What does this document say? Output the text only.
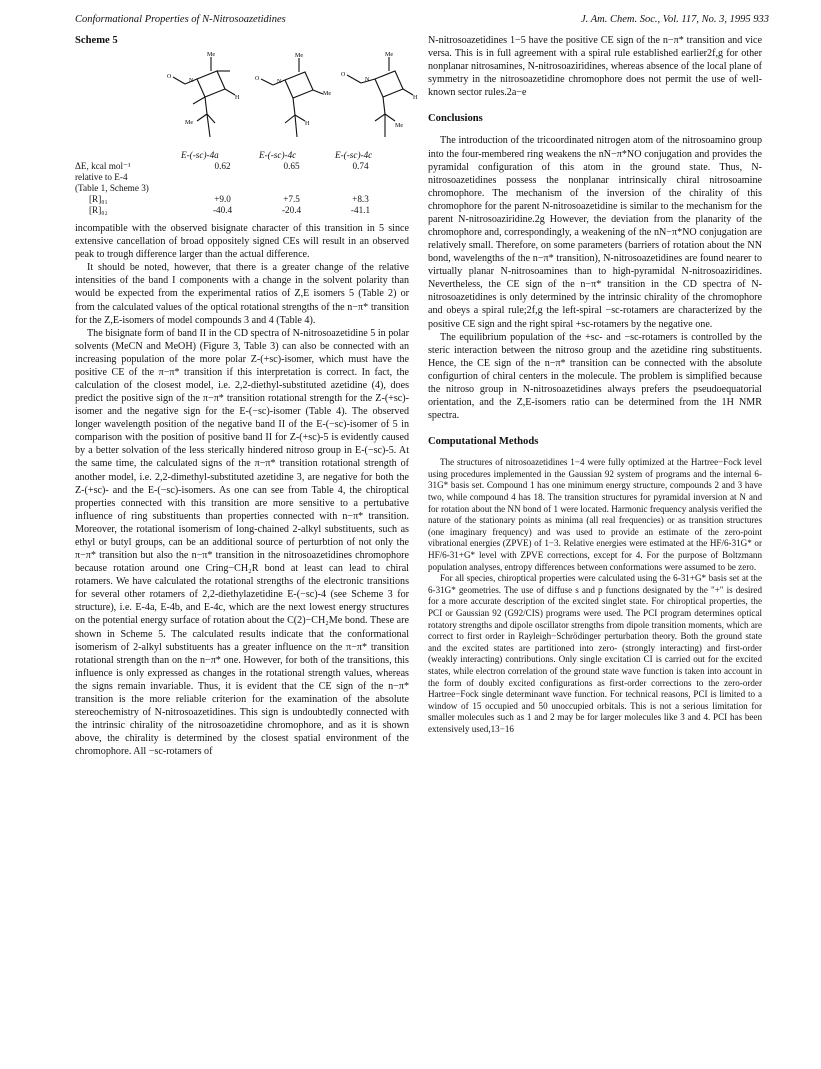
Conformational Properties of N-Nitrosoazetidines	J. Am. Chem. Soc., Vol. 117, No. 3, 1995 933
Scheme 5
Me
O
N
H
Me
Me
O	N
Me
H
Me
O
N
H
Me
E-(-sc)-4a	E-(-sc)-4c	E-(-sc)-4c
ΔE, kcal mol⁻¹	0.62	0.65	0.74
relative to E-4			
(Table 1, Scheme 3)			
[R]₀₁	+9.0	+7.5	+8.3
[R]₀₂	-40.4	-20.4	-41.1

incompatible with the observed bisignate character of this transition in 5 since extensive cancellation of broad oppositely signed CEs will result in an observed peak to trough difference larger than the actual difference.

It should be noted, however, that there is a greater change of the relative intensities of the band I components with a change in the solvent polarity than would be expected from the experimental ratios of Z,E isomers 5 (Table 2) or from the calculated values of the optical rotational strengths of the n−π* transition for the Z,E-isomers of model compounds 3 and 4 (Table 4).

The bisignate form of band II in the CD spectra of N-nitrosoazetidine 5 in polar solvents (MeCN and MeOH) (Figure 3, Table 3) can also be connected with an increasing population of the more polar Z-(+sc)-isomer, which must have the positive CE of the π−π* transition if this interpretation is correct. In fact, the calculation of the closest model, i.e. 2,2-diethyl-substituted azetidine (4), does predict the positive sign of the π−π* transition rotational strength for the Z-(+sc)-isomer and the negative sign for the E-(−sc)-isomer (Table 4). The observed longer wavelength position of the negative band II of the E-(−sc)-isomer of 5 in comparison with the position of positive band II for Z-(+sc)-5 is evidently caused by a better solvation of the less sterically hindered nitroso group in E-(−sc)-5. At the same time, the calculated signs of the π−π* transition rotational strength of another model, i.e. 2,2-dimethyl-substituted azetidine 3, are negative for both the Z-(+sc)- and the E-(−sc)-isomers. As one can see from Table 4, the chiroptical properties connected with this transition are more sensitive to a pertubative influence of ring substituents than properties connected with n−π* transition. Moreover, the rotational isomerism of long-chained 2-alkyl substituents, such as ethyl or butyl groups, can be an additional source of perturbtion of not only the π−π* transition but also the n−π* transition in the nitrosoazetidines chromophore because rotation around one Cring−CH₂R bond at least can lead to chiral rotamers. We have calculated the rotational strengths of the electronic transitions for several other rotamers of 2,2-diethylazetidine E-(−sc)-4 (see Scheme 3 for structure), i.e. E-4a, E-4b, and E-4c, which are the next lowest energy structures on the potential energy surface of rotation about the C(2)−CH₂Me bond. These are shown in Scheme 5. The calculated results indicate that the conformational isomerism of 2-alkyl substituents has a greater influence on the π−π* transition rotational strength than on the n−π* one. However, for both of the transitions, this influence is only expressed as changes in the rotational strength values, whereas the signs remain invariable. Thus, it is evident that the CE sign of the n−π* transition is the more reliable criterion for the examination of the absolute stereochemistry of N-nitrosoazetidines. This sign is undoubtedly connected with the intrinsic chirality of the nitrosoazetidine chromophore, and as it is shown above, the chirality is determined by the closest spatial environment of the chromophore. All −sc-rotamers of

N-nitrosoazetidines 1−5 have the positive CE sign of the n−π* transition and vice versa. This is in full agreement with a spiral rule established earlier2f,g for other nonplanar nitrosamines, N-nitrosoaziridines, whereas absence of the local plane of symmetry in the nitrosoazetidine chromophore does not permit the use of well-known sector rules.2a−e

Conclusions

The introduction of the tricoordinated nitrogen atom of the nitrosoamino group into the four-membered ring weakens the nN−π*NO conjugation and provides the pyramidal configuration of this atom in the ground state. Thus, N-nitrosoazetidines possess the nonplanar intrinsically chiral nitrosoamine chromophore. The mechanism of the inversion of the chirality of this chromophore for the parent N-nitrosoazetidine is similar to the mechanism for the parent N-nitrosoaziridine.2g However, the deviation from the planarity of the chromophore and, correspondingly, a weakening of the nN−π*NO conjugation are relatively small. Therefore, on some parameters (barriers of rotation about the NN bond, wavelengths of the n−π* transition), N-nitrosoazetidines are found nearer to virtually planar N-nitrosoamines than to high-pyramidal N-nitrosoaziridines. Nevertheless, the CE sign of the n−π* transition in the CD spectra of N-nitrosoazetidines is only determined by the intrinsic chirality of the chromophore and obeys a spiral rule;2f,g the left-spiral −sc-rotamers are characterized by the positive CE sign and the right spiral +sc-rotamers by the negative one.

The equilibrium population of the +sc- and −sc-rotamers is controlled by the steric interaction between the nitroso group and the azetidine ring substituents. Hence, the CE sign of the n−π* transition can be connected with the absolute configurtion of chiral centers in the molecule. The problem is simplified because the nitroso group in N-nitrosoazetidines always prefers the pseudoequatorial orientation, and the Z,E-isomers ratio can be determined from the 1H NMR spectra.

Computational Methods

The structures of nitrosoazetidines 1−4 were fully optimized at the Hartree−Fock level using procedures implemented in the Gaussian 92 system of programs and the internal 6-31G* basis set. Compound 1 has one minimum energy structure, compounds 2 and 3 have two, while compound 4 has 18. The transition structures for pyramidal inversion at N and for rotation about the NN bond of 1 were located. Harmonic frequency analysis verified the nature of the stationary points as minima (all real frequencies) or as transition structures (one imaginary frequency) and was used to provide an estimate of the zero-point vibrational energies (ZPVE) of 1−3. Relative energies were estimated at the HF/6-31G* or HF/6-31+G* level with ZPVE corrections, except for 4. For the purpose of Boltzmann population analyses, entropy differences between conformations were assumed to be zero.

For all species, chiroptical properties were calculated using the 6-31+G* basis set at the 6-31G* geometries. The use of diffuse s and p functions designated by the "+" is desired for a more accurate description of the excited singlet state. For chiroptical properties, the PCI or Gaussian 92 (G92/CIS) programs were used. The PCI program determines optical rotatory strengths and dipole oscillator strengths from dipole transition moments, which are correct to first order in Rayleigh−Schrödinger perturbation theory. Both the ground state and the excited states are partitioned into zero- (strongly interacting) and first-order (weakly interacting) contributions. Only single excitation CI is carried out for the excited states, while electron correlation of the ground state wave function is taken into account in the form of doubly excited configurations as first-order corrections to the zero-order Hartree−Fock single determinant wave function. For technical reasons, PCI is limited to a window of 15 occupied and 50 unoccupied orbitals. This is not a serious limitation for smaller molecules such as 1 and 2 may be for larger molecules like 3 and 4. PCI has been extensively used,13−16
